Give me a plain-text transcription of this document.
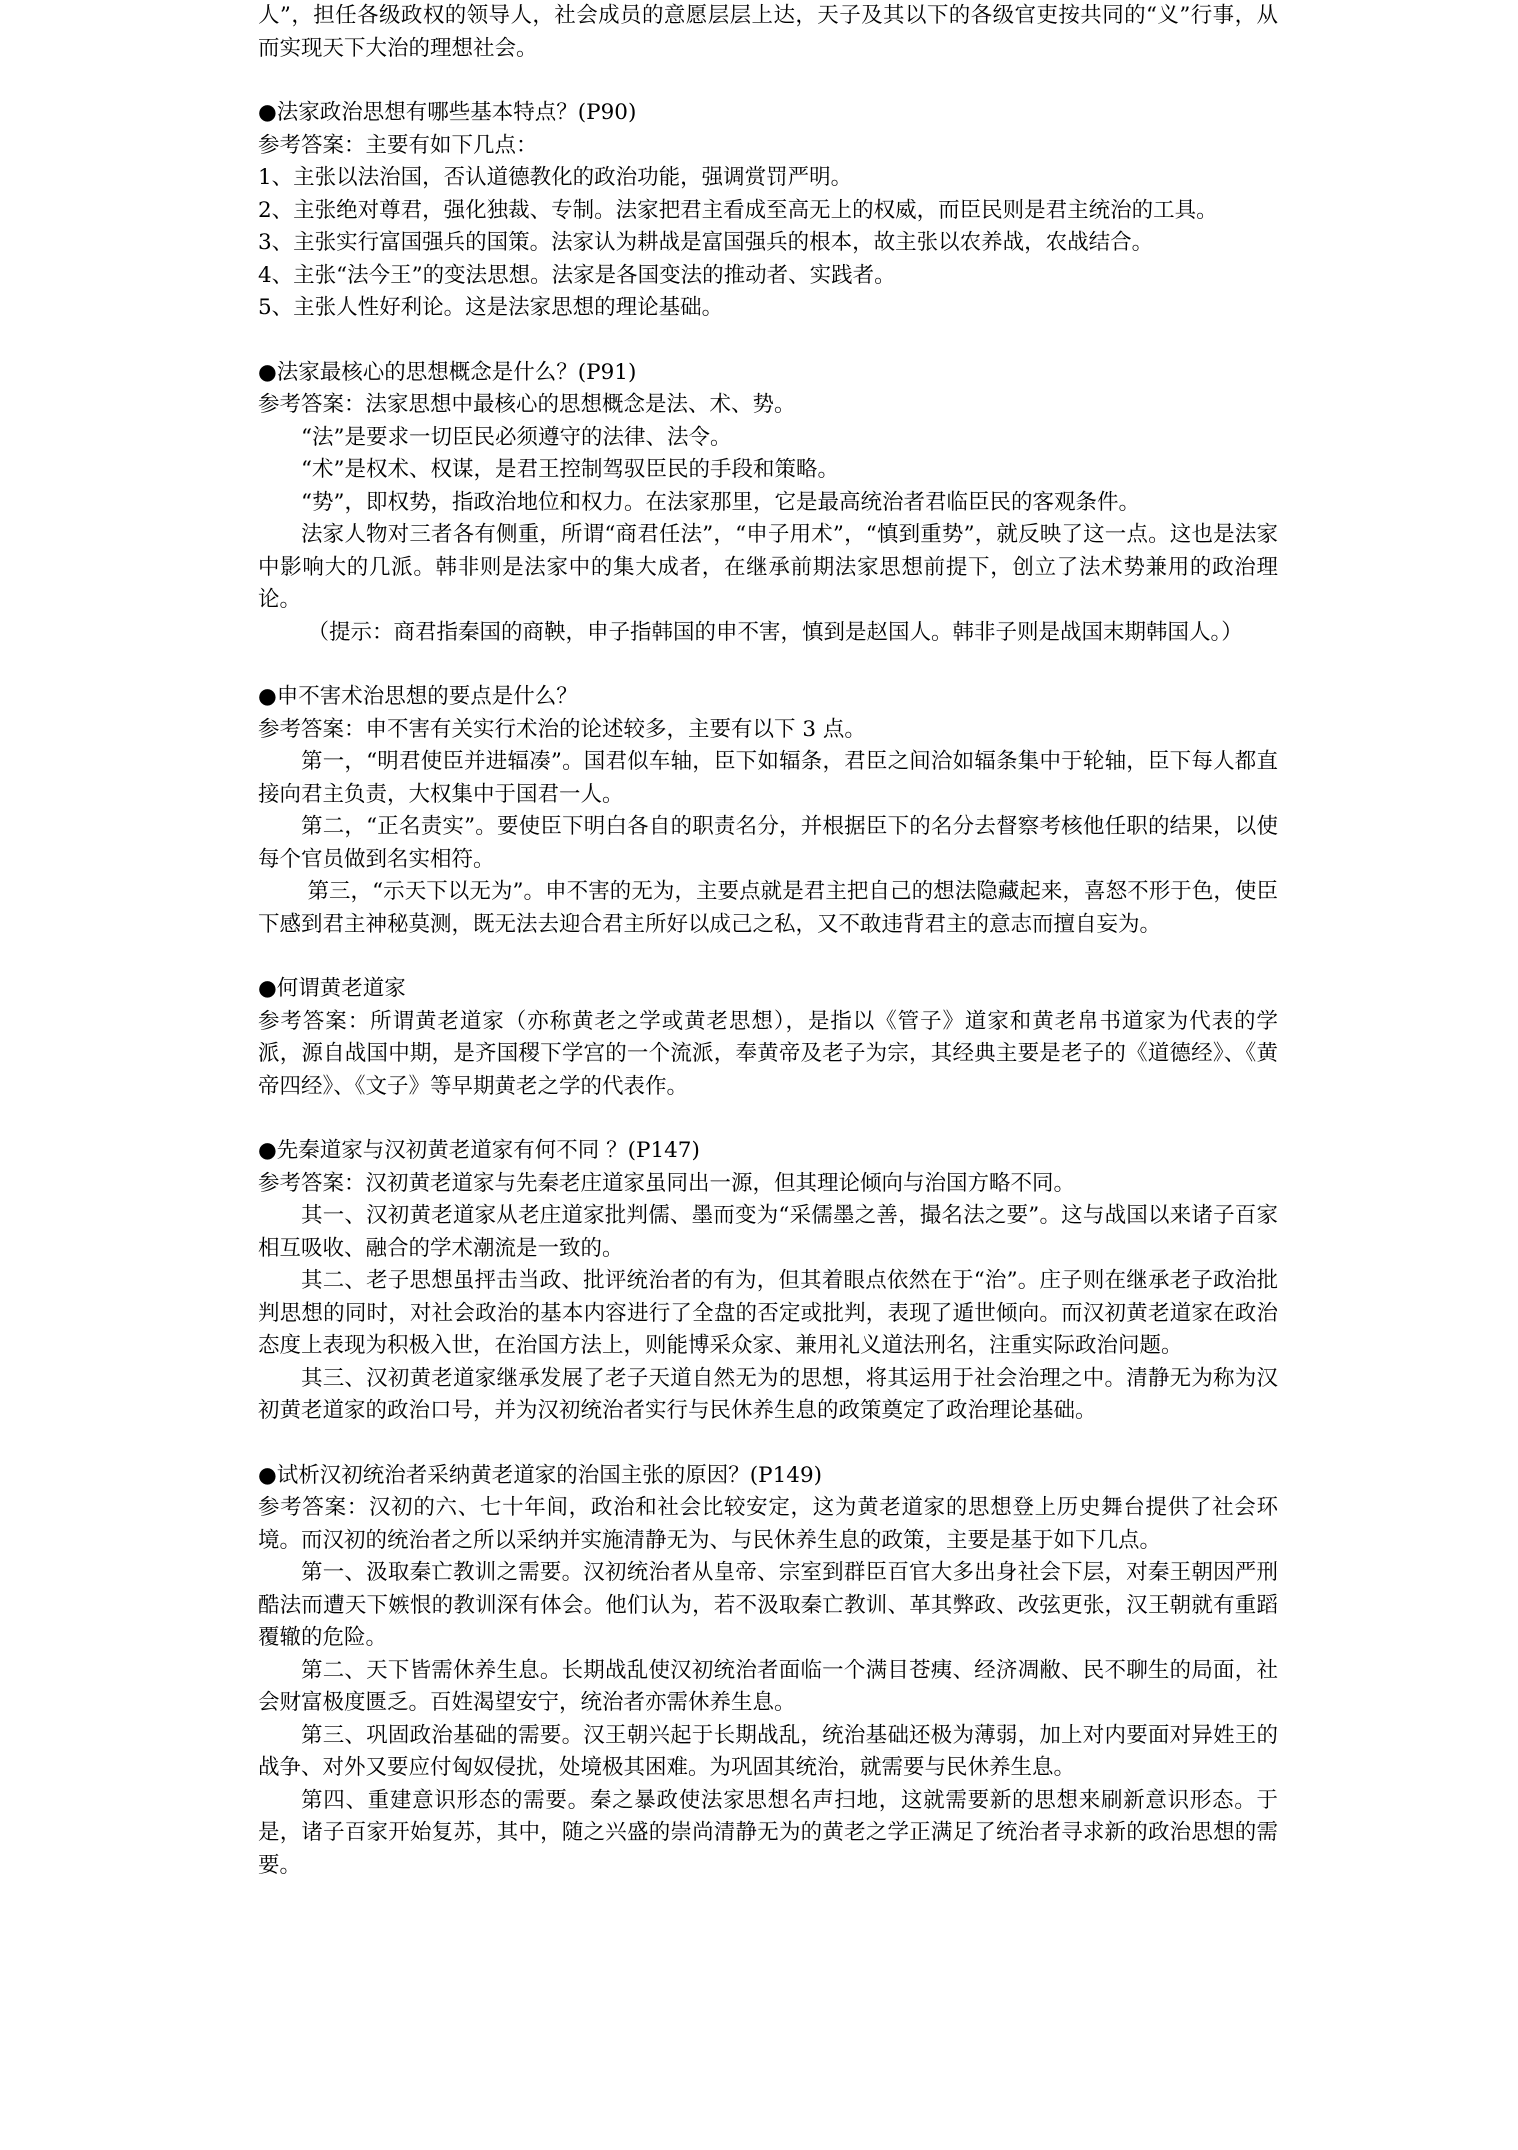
人”，担任各级政权的领导人，社会成员的意愿层层上达，天子及其以下的各级官吏按共同的“义”行事，从而实现天下大治的理想社会。

●法家政治思想有哪些基本特点？(P90)

参考答案：主要有如下几点：

1、主张以法治国，否认道德教化的政治功能，强调赏罚严明。

2、主张绝对尊君，强化独裁、专制。法家把君主看成至高无上的权威，而臣民则是君主统治的工具。

3、主张实行富国强兵的国策。法家认为耕战是富国强兵的根本，故主张以农养战，农战结合。

4、主张“法今王”的变法思想。法家是各国变法的推动者、实践者。

5、主张人性好利论。这是法家思想的理论基础。

●法家最核心的思想概念是什么？(P91)

参考答案：法家思想中最核心的思想概念是法、术、势。

“法”是要求一切臣民必须遵守的法律、法令。

“术”是权术、权谋，是君王控制驾驭臣民的手段和策略。

“势”，即权势，指政治地位和权力。在法家那里，它是最高统治者君临臣民的客观条件。

法家人物对三者各有侧重，所谓“商君任法”，“申子用术”，“慎到重势”，就反映了这一点。这也是法家中影响大的几派。韩非则是法家中的集大成者，在继承前期法家思想前提下，创立了法术势兼用的政治理论。

（提示：商君指秦国的商鞅，申子指韩国的申不害，慎到是赵国人。韩非子则是战国末期韩国人。）

●申不害术治思想的要点是什么？

参考答案：申不害有关实行术治的论述较多，主要有以下 3 点。

第一，“明君使臣并进辐凑”。国君似车轴，臣下如辐条，君臣之间洽如辐条集中于轮轴，臣下每人都直接向君主负责，大权集中于国君一人。

第二，“正名责实”。要使臣下明白各自的职责名分，并根据臣下的名分去督察考核他任职的结果，以使每个官员做到名实相符。

第三，“示天下以无为”。申不害的无为，主要点就是君主把自己的想法隐藏起来，喜怒不形于色，使臣下感到君主神秘莫测，既无法去迎合君主所好以成己之私，又不敢违背君主的意志而擅自妄为。

●何谓黄老道家

参考答案：所谓黄老道家（亦称黄老之学或黄老思想），是指以《管子》道家和黄老帛书道家为代表的学派，源自战国中期，是齐国稷下学宫的一个流派，奉黄帝及老子为宗，其经典主要是老子的《道德经》、《黄帝四经》、《文子》等早期黄老之学的代表作。

●先秦道家与汉初黄老道家有何不同 ？(P147)

参考答案：汉初黄老道家与先秦老庄道家虽同出一源，但其理论倾向与治国方略不同。

其一、汉初黄老道家从老庄道家批判儒、墨而变为“采儒墨之善，撮名法之要”。这与战国以来诸子百家相互吸收、融合的学术潮流是一致的。

其二、老子思想虽抨击当政、批评统治者的有为，但其着眼点依然在于“治”。庄子则在继承老子政治批判思想的同时，对社会政治的基本内容进行了全盘的否定或批判，表现了遁世倾向。而汉初黄老道家在政治态度上表现为积极入世，在治国方法上，则能博采众家、兼用礼义道法刑名，注重实际政治问题。

其三、汉初黄老道家继承发展了老子天道自然无为的思想，将其运用于社会治理之中。清静无为称为汉初黄老道家的政治口号，并为汉初统治者实行与民休养生息的政策奠定了政治理论基础。

●试析汉初统治者采纳黄老道家的治国主张的原因？(P149)

参考答案：汉初的六、七十年间，政治和社会比较安定，这为黄老道家的思想登上历史舞台提供了社会环境。而汉初的统治者之所以采纳并实施清静无为、与民休养生息的政策，主要是基于如下几点。

第一、汲取秦亡教训之需要。汉初统治者从皇帝、宗室到群臣百官大多出身社会下层，对秦王朝因严刑酷法而遭天下嫉恨的教训深有体会。他们认为，若不汲取秦亡教训、革其弊政、改弦更张，汉王朝就有重蹈覆辙的危险。

第二、天下皆需休养生息。长期战乱使汉初统治者面临一个满目苍痍、经济凋敝、民不聊生的局面，社会财富极度匮乏。百姓渴望安宁，统治者亦需休养生息。

第三、巩固政治基础的需要。汉王朝兴起于长期战乱，统治基础还极为薄弱，加上对内要面对异姓王的战争、对外又要应付匈奴侵扰，处境极其困难。为巩固其统治，就需要与民休养生息。

第四、重建意识形态的需要。秦之暴政使法家思想名声扫地，这就需要新的思想来刷新意识形态。于是，诸子百家开始复苏，其中，随之兴盛的崇尚清静无为的黄老之学正满足了统治者寻求新的政治思想的需要。
